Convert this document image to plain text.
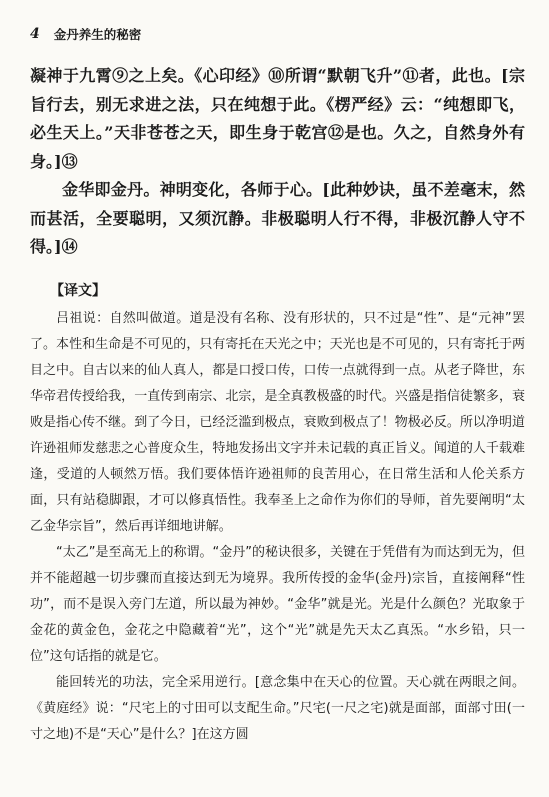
4 金丹养生的秘密

凝神于九霄⑨之上矣。《心印经》⑩所谓“默朝飞升”⑪者，此也。[宗旨行去，别无求进之法，只在纯想于此。《楞严经》云：“纯想即飞，必生天上。”天非苍苍之天，即生身于乾宫⑫是也。久之，自然身外有身。]⑬

金华即金丹。神明变化，各师于心。[此种妙诀，虽不差毫末，然而甚活，全要聪明，又须沉静。非极聪明人行不得，非极沉静人守不得。]⑭

【译文】

吕祖说：自然叫做道。道是没有名称、没有形状的，只不过是“性”、是“元神”罢了。本性和生命是不可见的，只有寄托在天光之中；天光也是不可见的，只有寄托于两目之中。自古以来的仙人真人，都是口授口传，口传一点就得到一点。从老子降世，东华帝君传授给我，一直传到南宗、北宗，是全真教极盛的时代。兴盛是指信徒繁多，衰败是指心传不继。到了今日，已经泛滥到极点，衰败到极点了！物极必反。所以净明道许逊祖师发慈悲之心普度众生，特地发扬出文字并未记载的真正旨义。闻道的人千载难逢，受道的人顿然万悟。我们要体悟许逊祖师的良苦用心，在日常生活和人伦关系方面，只有站稳脚跟，才可以修真悟性。我奉圣上之命作为你们的导师，首先要阐明“太乙金华宗旨”，然后再详细地讲解。

“太乙”是至高无上的称谓。“金丹”的秘诀很多，关键在于凭借有为而达到无为，但并不能超越一切步骤而直接达到无为境界。我所传授的金华(金丹)宗旨，直接阐释“性功”，而不是误入旁门左道，所以最为神妙。“金华”就是光。光是什么颜色？光取象于金花的黄金色，金花之中隐藏着“光”，这个“光”就是先天太乙真炁。“水乡铅，只一位”这句话指的就是它。

能回转光的功法，完全采用逆行。[意念集中在天心的位置。天心就在两眼之间。《黄庭经》说：“尺宅上的寸田可以支配生命。”尺宅(一尺之宅)就是面部，面部寸田(一寸之地)不是“天心”是什么？]在这方圆
